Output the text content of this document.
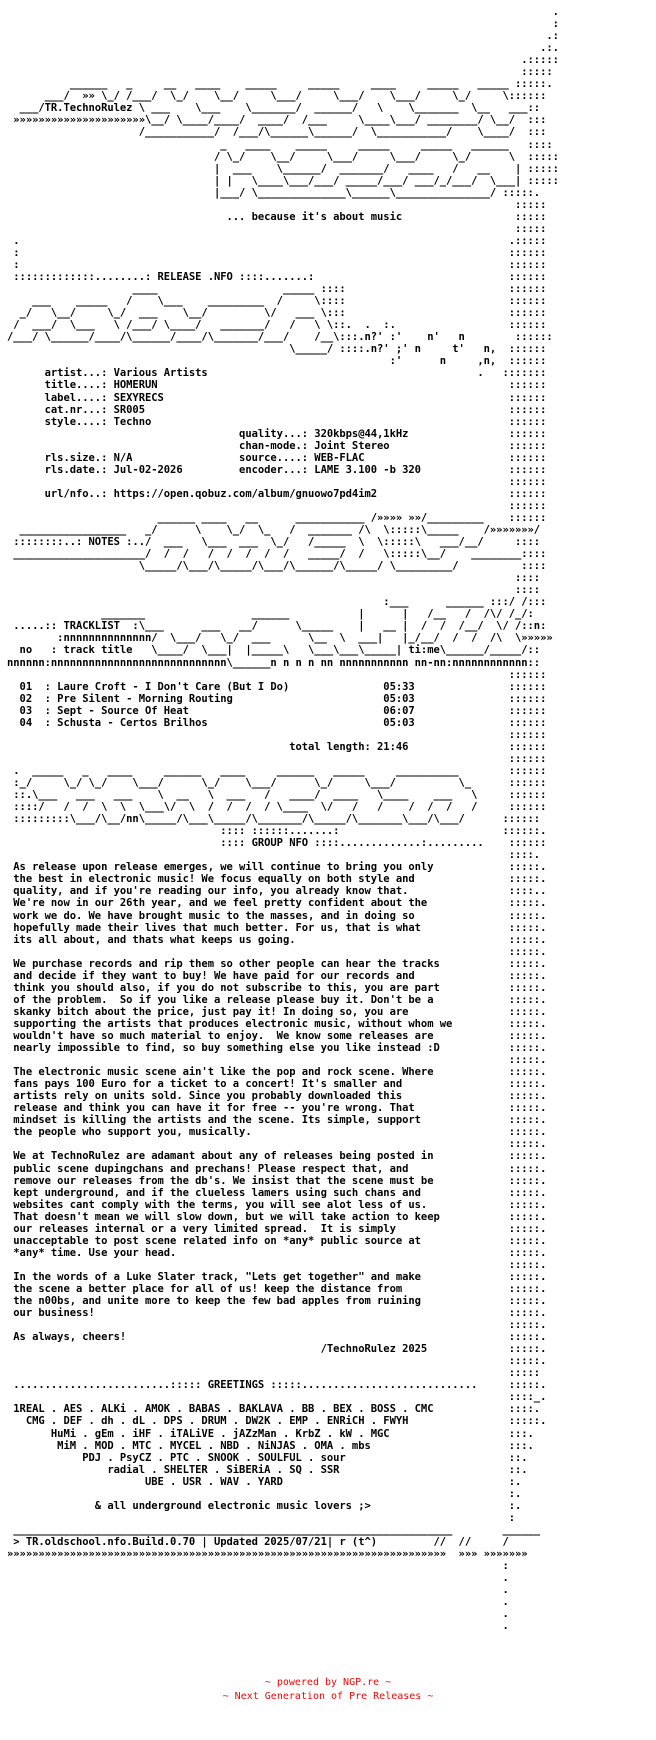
.
:
.:
.:.
.:::::
:::::
______   _     __   ____    _____     _____     ____     _____   _____ :::::.
___/  »» \_/ /___/  \_/    \__/     \___/     \___/    \___/     \_/     \::::::
___/TR.TechnoRulez \ ___    \___    \_______/  ______/   \    \_______  \__   ___::
»»»»»»»»»»»»»»»»»»»»»\__/ \____/____/  ____/  /___     \____\___/ ________/ \__/  :::
/___________/  /___/\______\______/  \___________/    \____/  :::
_   ____    _____     _____     _____   ______   ::::
/ \_/    \__/     \___/     \___/     \_/      \  :::::
|  ___    \______/  _______/   ____   /   __    | :::::
| |   \____\___/___/ _____/___/ ___/_/___/  \___| :::::
|___/ \______________\______\_______________/ :::::.
:::::
... because it's about music                  :::::
:::::
.                                                                              .:::::
:                                                                              ::::::
:                                                                              ::::::
:::::::::::::........: RELEASE .NFO ::::.......:                               ::::::
____                    _____ ::::                          ::::::
___    _____   /    \___    _________  /     \::::                          ::::::
_/   \__/     \_/  ___    \__/         \/   ___ \:::                          ::::::
/  ___/  \___   \ /___/ \____/   _______/   /   \ \::.  .  :.                  ::::::
/___/ \______/____/\______/____/\_______/___/    /__\:::.n?' :'    n'   n        ::::::
\_____/ ::::.n?' ;' n     t'   n,  ::::::
:'      n     ,n,  ::::::
artist...: Various Artists                                           .   :::::::
title....: HOMERUN                                                        ::::::
label....: SEXYRECS                                                       ::::::
cat.nr...: SR005                                                          ::::::
style....: Techno                                                         ::::::
quality...: 320kbps@44,1kHz                ::::::
chan-mode.: Joint Stereo                   ::::::
rls.size.: N/A                 source....: WEB-FLAC                       ::::::
rls.date.: Jul-02-2026         encoder...: LAME 3.100 -b 320              ::::::
::::::
url/nfo..: https://open.qobuz.com/album/gnuowo7pd4im2                     ::::::
::::::
______ ____   __      ___________ /»»»» »»/_________    ::::::
_________________   _/      \    \_/  \_   /  _______ /\  \:::::\_____    /»»»»»»»/
::::::::..: NOTES :../  ___   \___  ___  \_/   /_____  \  \:::::\   ___/__/     ::::
_____________________/  /  /   /  /  /  /  /   _____/  /   \:::::\__/    ________::::
\_____/\___/\_____/\___/\______/\_____/ \_________/          ::::
::::
::::
:___      ______ :::/ /:::
_______                 ______           |      |   /__   /  /\/ /_/:
.....:: TRACKLIST  :\___      ___   __/      \_____    |   __ |  /  /  /__/  \/ /::n:
:nnnnnnnnnnnnnn/  \___/   \_/  ___      \__  \  ___|   |_/__/  /  /  /\  \»»»»»
no   : track title   \____/  \___|  |_____\   \___\___\_____| ti:me\______/_____/::
nnnnnn:nnnnnnnnnnnnnnnnnnnnnnnnnnnn\______n n n n nn nnnnnnnnnnn nn-nn:nnnnnnnnnnnn::
::::::
01  : Laure Croft - I Don't Care (But I Do)               05:33               ::::::
02  : Pre Silent - Morning Routing                        05:03               ::::::
03  : Sept - Source Of Heat                               06:07               ::::::
04  : Schusta - Certos Brilhos                            05:03               ::::::
::::::
total length: 21:46                ::::::
::::::
.  _____   _   ____     ______   ____     ______   _____     __________        ::::::
:_/     \_/ \_/    \___/      \_/    \___/      \_/     \___/          \_      ::::::
::.\___   ___   ___    \  __   \  ___   /   ____/  ____   \____    ___   \     ::::::
::::/   /  /  \  \  \___\/  \  /  /  /  / \____  \/   /   /    /  /  /   /     ::::::
:::::::::\___/\__/nn\_____/\___\_____/\_______/\_____/\_______\___/\___/      ::::::
:::: ::::::.......:                          ::::::.
:::: GROUP NFO ::::.............:.........    ::::::
::::.
As release upon release emerges, we will continue to bring you only            :::::.
the best in electronic music! We focus equally on both style and               :::::.
quality, and if you're reading our info, you already know that.                ::::..
We're now in our 26th year, and we feel pretty confident about the             :::::.
work we do. We have brought music to the masses, and in doing so               :::::.
hopefully made their lives that much better. For us, that is what              :::::.
its all about, and thats what keeps us going.                                  :::::.
:::::.
We purchase records and rip them so other people can hear the tracks           :::::.
and decide if they want to buy! We have paid for our records and               :::::.
think you should also, if you do not subscribe to this, you are part           :::::.
of the problem.  So if you like a release please buy it. Don't be a            :::::.
skanky bitch about the price, just pay it! In doing so, you are                :::::.
supporting the artists that produces electronic music, without whom we         :::::.
wouldn't have so much material to enjoy.  We know some releases are            :::::.
nearly impossible to find, so buy something else you like instead :D           :::::.
:::::.
The electronic music scene ain't like the pop and rock scene. Where            :::::.
fans pays 100 Euro for a ticket to a concert! It's smaller and                 :::::.
artists rely on units sold. Since you probably downloaded this                 :::::.
release and think you can have it for free -- you're wrong. That               :::::.
mindset is killing the artists and the scene. Its simple, support              :::::.
the people who support you, musically.                                         :::::.
:::::.
We at TechnoRulez are adamant about any of releases being posted in            :::::.
public scene dupingchans and prechans! Please respect that, and                :::::.
remove our releases from the db's. We insist that the scene must be            :::::.
kept underground, and if the clueless lamers using such chans and              :::::.
websites cant comply with the terms, you will see alot less of us.             :::::.
That doesn't mean we will slow down, but we will take action to keep           :::::.
our releases internal or a very limited spread.  It is simply                  :::::.
unacceptable to post scene related info on *any* public source at              :::::.
*any* time. Use your head.                                                     :::::.
:::::.
In the words of a Luke Slater track, "Lets get together" and make              :::::.
the scene a better place for all of us! keep the distance from                 :::::.
the n00bs, and unite more to keep the few bad apples from ruining              :::::.
our business!                                                                  :::::.
:::::.
As always, cheers!                                                             :::::.
/TechnoRulez 2025             :::::.
:::::.
:::::
.........................::::: GREETINGS :::::............................     :::::.
::::_.
1REAL . AES . ALKi . AMOK . BABAS . BAKLAVA . BB . BEX . BOSS . CMC            ::::.
CMG . DEF . dh . dL . DPS . DRUM . DW2K . EMP . ENRiCH . FWYH                :::::.
HuMi . gEm . iHF . iTALiVE . jAZzMan . KrbZ . kW . MGC                   :::.
MiM . MOD . MTC . MYCEL . NBD . NiNJAS . OMA . mbs                      :::.
PDJ . PsyCZ . PTC . SNOOK . SOULFUL . sour                          ::.
radial . SHELTER . SiBERiA . SQ . SSR                           ::.
UBE . USR . WAV . YARD                                    :.
:.
& all underground electronic music lovers ;>                      :.
:
______________________________________________________________________        ______
> TR.oldschool.nfo.Build.0.70 | Updated 2025/07/21| r (t^)         //  //     /
»»»»»»»»»»»»»»»»»»»»»»»»»»»»»»»»»»»»»»»»»»»»»»»»»»»»»»»»»»»»»»»»»»»»»»  »»» »»»»»»»
:
.
.
.
.
.
~ powered by NGP.re ~
~ Next Generation of Pre Releases ~
